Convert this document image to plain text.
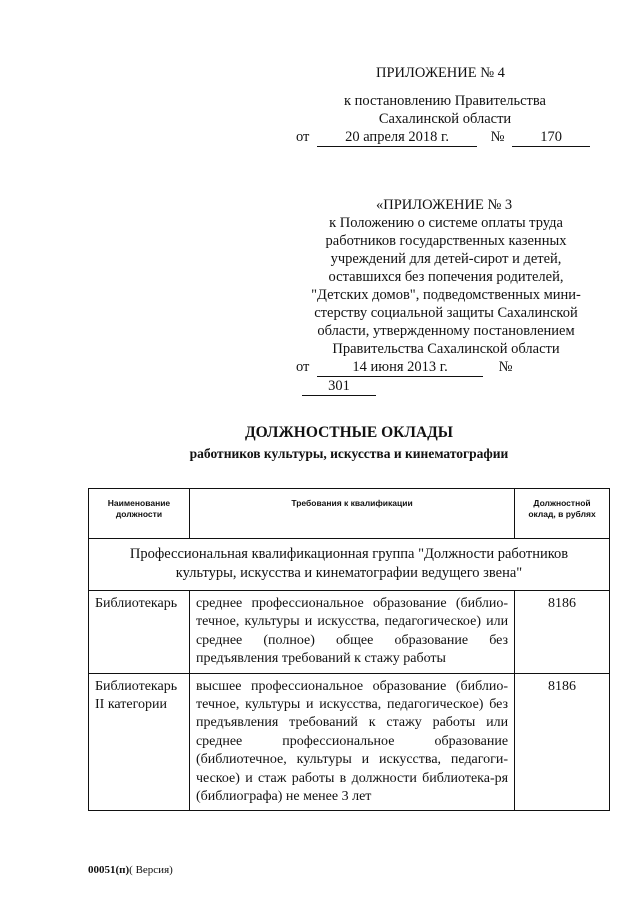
ПРИЛОЖЕНИЕ № 4
к постановлению Правительства
Сахалинской области
от 20 апреля 2018 г.	№ 170
«ПРИЛОЖЕНИЕ № 3
к Положению о системе оплаты труда
работников государственных казенных
учреждений для детей-сирот и детей,
оставшихся без попечения родителей,
"Детских домов", подведомственных мини-
стерству социальной защиты Сахалинской
области, утвержденному постановлением
Правительства Сахалинской области
от	14 июня 2013 г.	№ 301
ДОЛЖНОСТНЫЕ ОКЛАДЫ
работников культуры, искусства и кинематографии
Наименование должности	Требования к квалификации	Должностной оклад, в рублях

Профессиональная квалификационная группа "Должности работников культуры, искусства и кинематографии ведущего звена"		
Библиотекарь	среднее профессиональное образование (библио-течное, культуры и искусства, педагогическое) или среднее (полное) общее образование без предъявления требований к стажу работы	8186
Библиотекарь II категории	высшее профессиональное образование (библио-течное, культуры и искусства, педагогическое) без предъявления требований к стажу работы или среднее профессиональное образование (библиотечное, культуры и искусства, педагоги-ческое) и стаж работы в должности библиотека-ря (библиографа) не менее 3 лет	8186
00051(п)( Версия)
